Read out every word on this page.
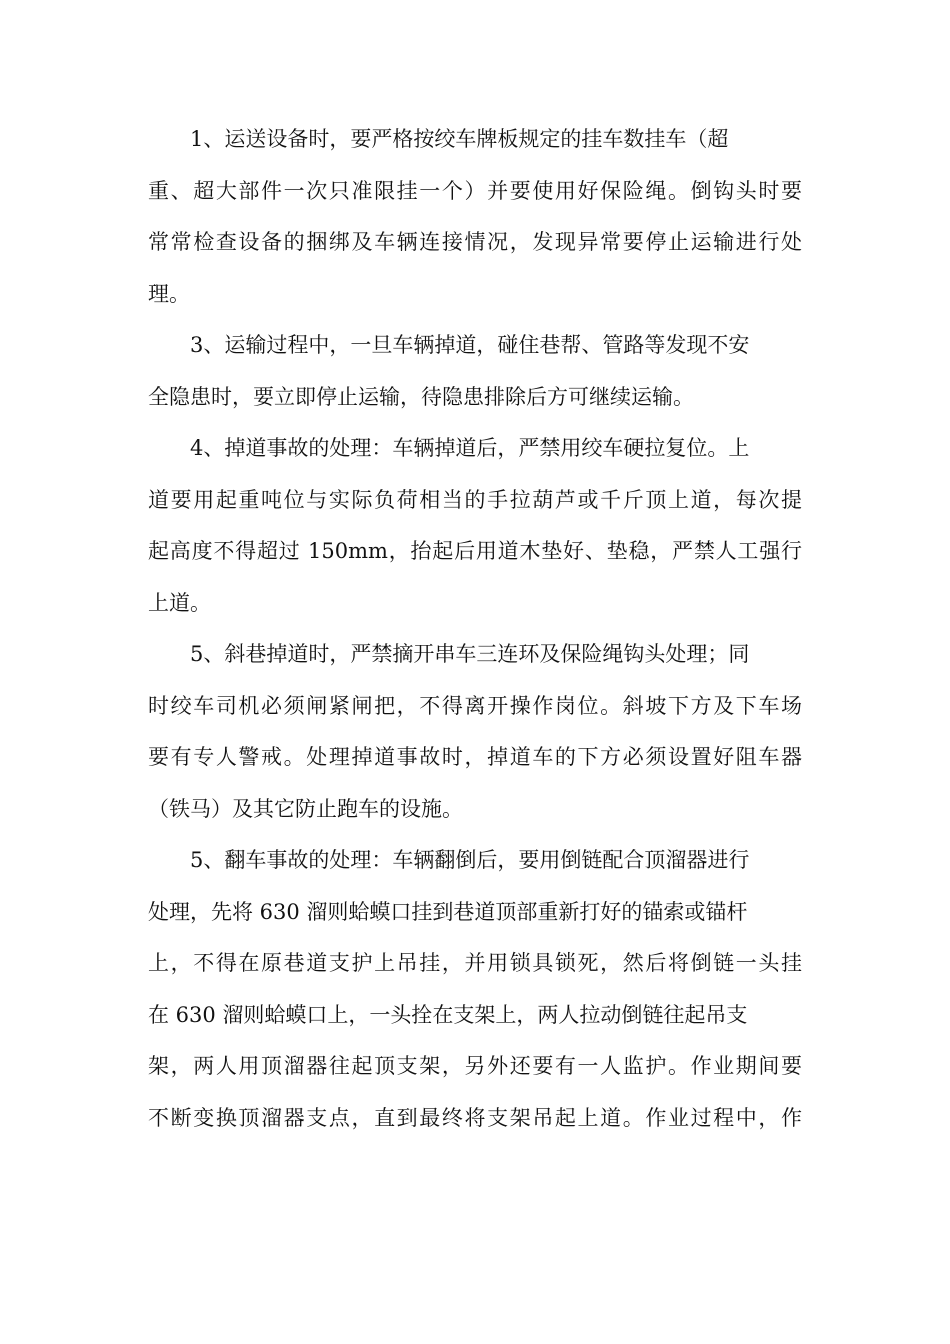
1、运送设备时，要严格按绞车牌板规定的挂车数挂车（超
重、超大部件一次只准限挂一个）并要使用好保险绳。倒钩头时要
常常检查设备的捆绑及车辆连接情况，发现异常要停止运输进行处
理。
3、运输过程中，一旦车辆掉道，碰住巷帮、管路等发现不安
全隐患时，要立即停止运输，待隐患排除后方可继续运输。
4、掉道事故的处理：车辆掉道后，严禁用绞车硬拉复位。上
道要用起重吨位与实际负荷相当的手拉葫芦或千斤顶上道，每次提
起高度不得超过 150mm，抬起后用道木垫好、垫稳，严禁人工强行
上道。
5、斜巷掉道时，严禁摘开串车三连环及保险绳钩头处理；同
时绞车司机必须闸紧闸把，不得离开操作岗位。斜坡下方及下车场
要有专人警戒。处理掉道事故时，掉道车的下方必须设置好阻车器
（铁马）及其它防止跑车的设施。
5、翻车事故的处理：车辆翻倒后，要用倒链配合顶溜器进行
处理，先将 630 溜则蛤蟆口挂到巷道顶部重新打好的锚索或锚杆
上，不得在原巷道支护上吊挂，并用锁具锁死，然后将倒链一头挂
在 630 溜则蛤蟆口上，一头拴在支架上，两人拉动倒链往起吊支
架，两人用顶溜器往起顶支架，另外还要有一人监护。作业期间要
不断变换顶溜器支点，直到最终将支架吊起上道。作业过程中，作
